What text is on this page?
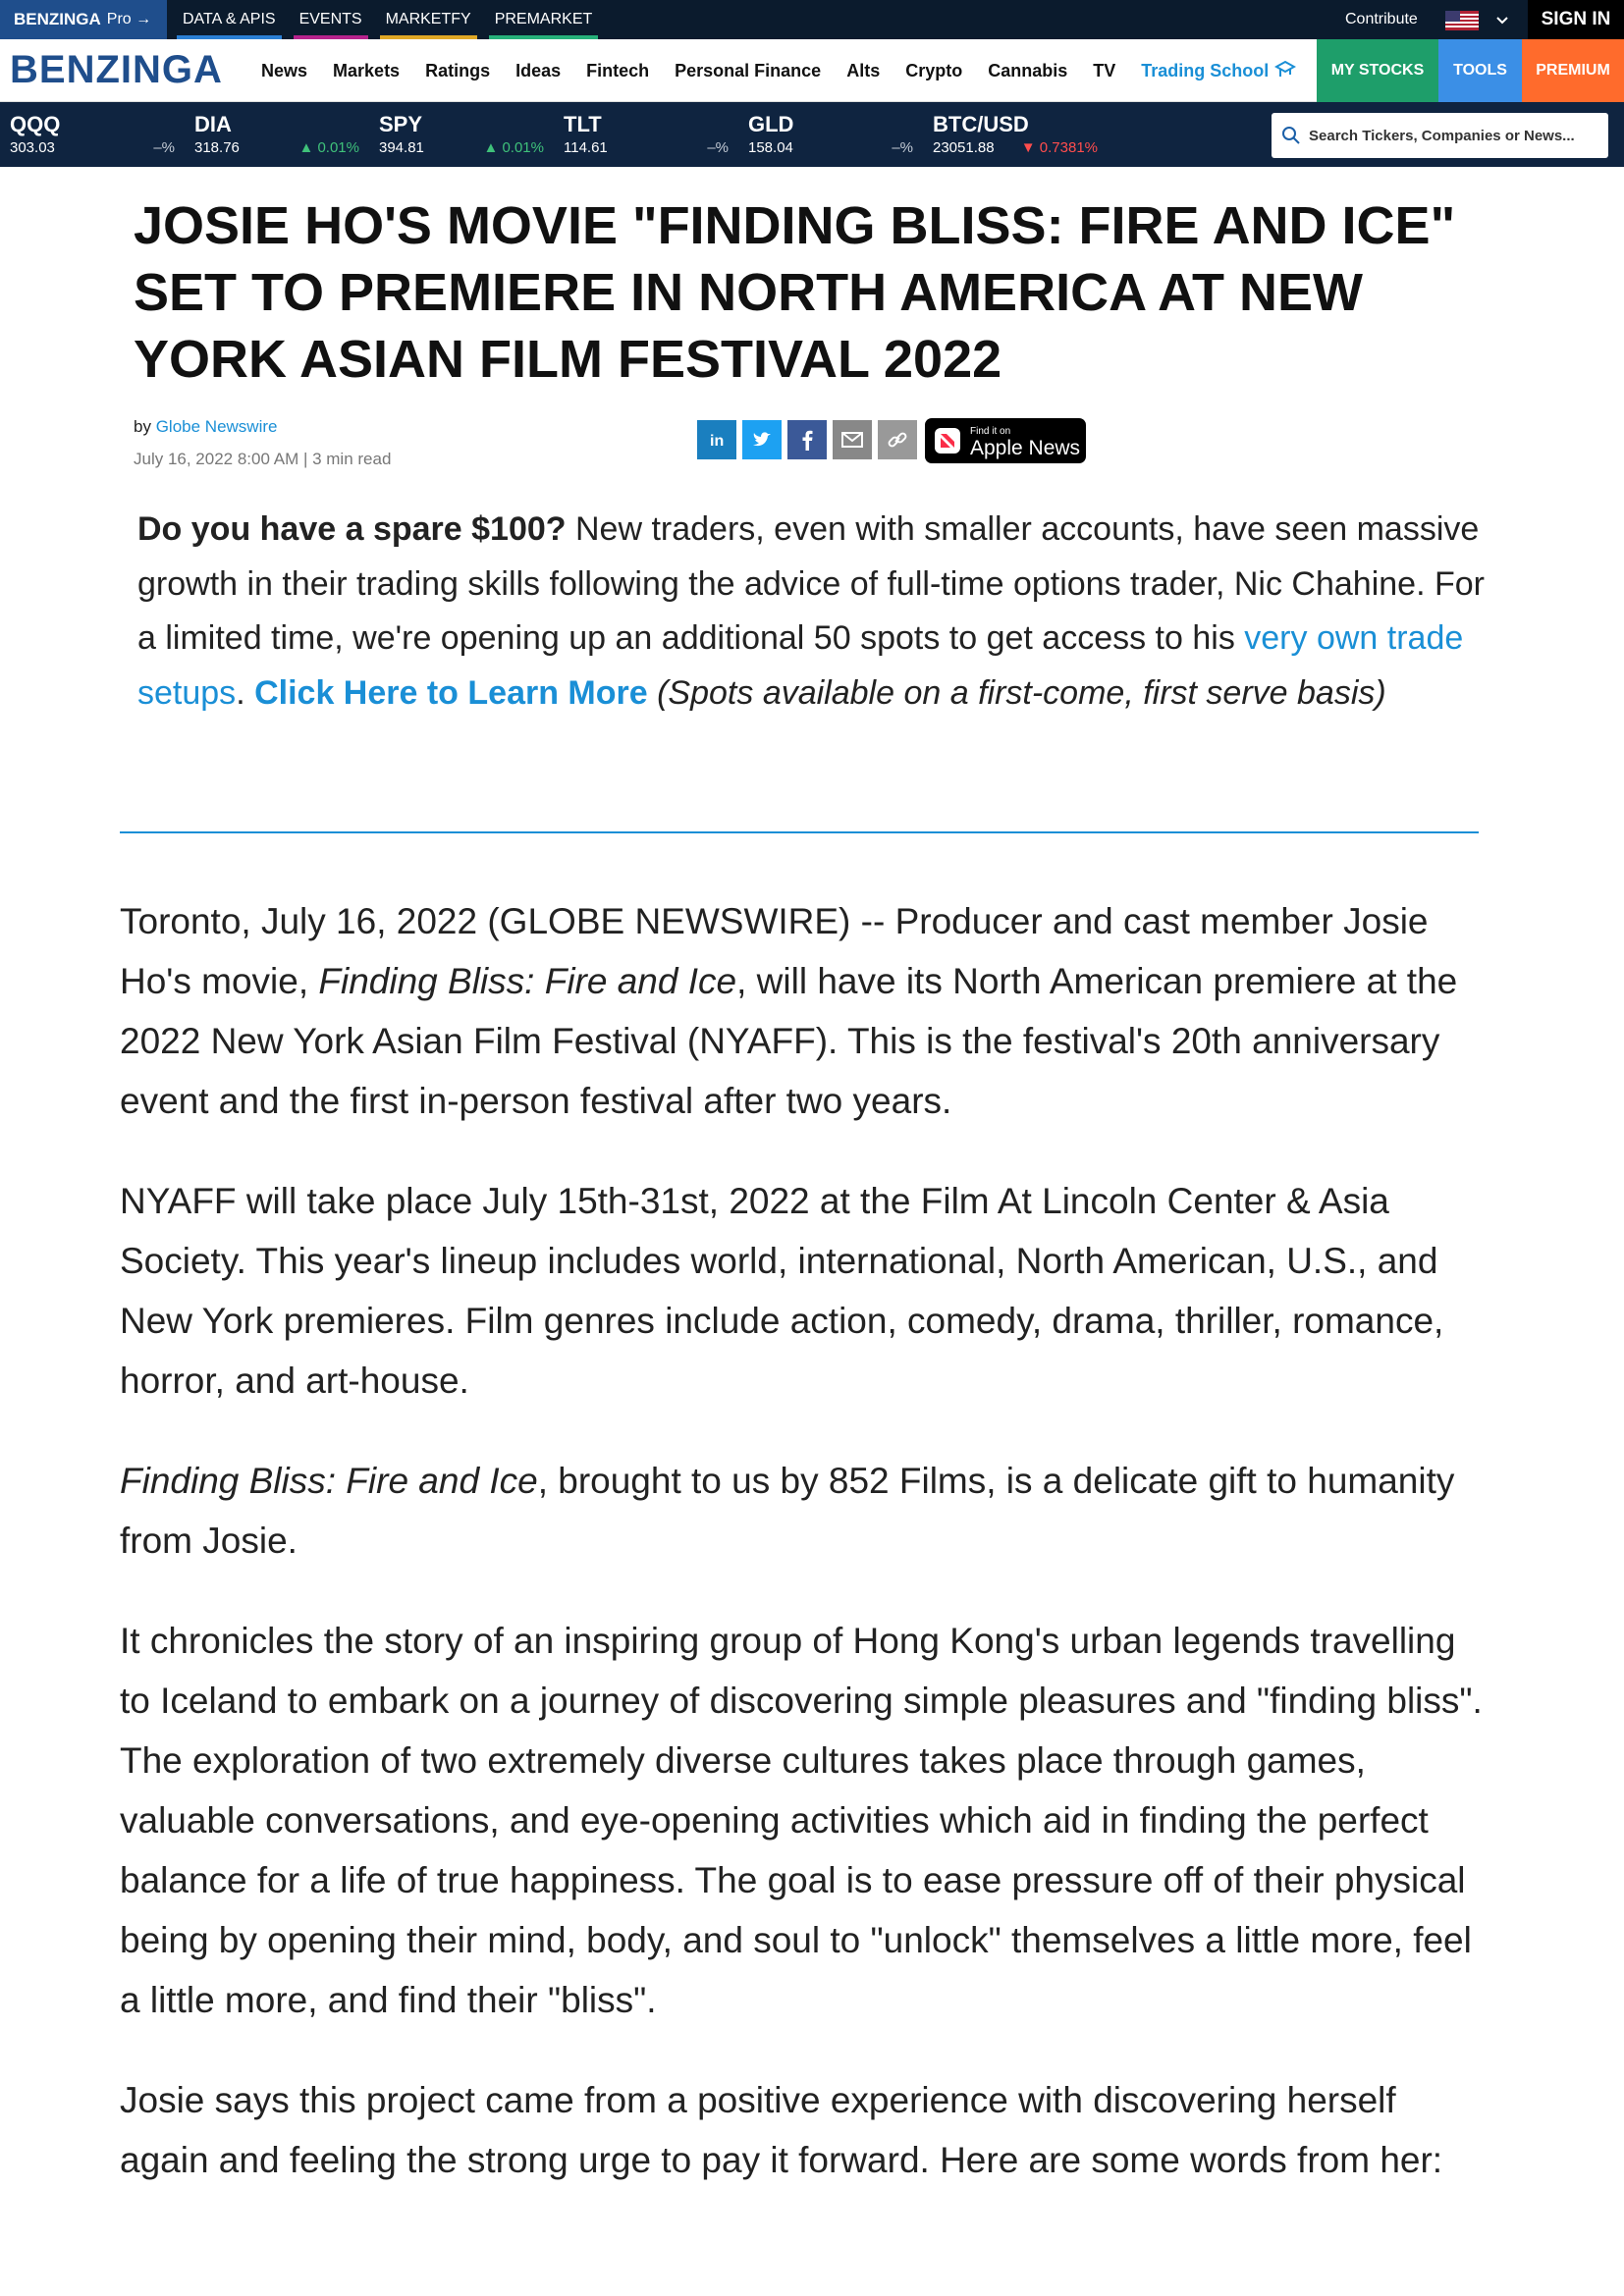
BENZINGA Pro → DATA & APIS EVENTS MARKETFY PREMARKET	Contribute	SIGN IN
BENZINGA News Markets Ratings Ideas Fintech Personal Finance Alts Crypto Cannabis TV Trading School	MY STOCKS	TOOLS	PREMIUM
QQQ
303.03	–%
DIA
318.76	▲ 0.01%
SPY
394.81	▲ 0.01%
TLT
114.61	–%
GLD
158.04	–%
BTC/USD
23051.88 ▼ 0.7381%
Search Tickers, Companies or News...
JOSIE HO'S MOVIE "FINDING BLISS: FIRE AND ICE" SET TO PREMIERE IN NORTH AMERICA AT NEW YORK ASIAN FILM FESTIVAL 2022
by Globe Newswire
July 16, 2022 8:00 AM | 3 min read
in
Find it on
Apple News
Do you have a spare $100? New traders, even with smaller accounts, have seen massive growth in their trading skills following the advice of full-time options trader, Nic Chahine. For a limited time, we're opening up an additional 50 spots to get access to his very own trade setups. Click Here to Learn More (Spots available on a first-come, first serve basis)

Toronto, July 16, 2022 (GLOBE NEWSWIRE) -- Producer and cast member Josie Ho's movie, Finding Bliss: Fire and Ice, will have its North American premiere at the 2022 New York Asian Film Festival (NYAFF). This is the festival's 20th anniversary event and the first in-person festival after two years.

NYAFF will take place July 15th-31st, 2022 at the Film At Lincoln Center & Asia Society. This year's lineup includes world, international, North American, U.S., and New York premieres. Film genres include action, comedy, drama, thriller, romance, horror, and art-house.

Finding Bliss: Fire and Ice, brought to us by 852 Films, is a delicate gift to humanity from Josie.

It chronicles the story of an inspiring group of Hong Kong's urban legends travelling to Iceland to embark on a journey of discovering simple pleasures and "finding bliss". The exploration of two extremely diverse cultures takes place through games, valuable conversations, and eye-opening activities which aid in finding the perfect balance for a life of true happiness. The goal is to ease pressure off of their physical being by opening their mind, body, and soul to "unlock" themselves a little more, feel a little more, and find their "bliss".

Josie says this project came from a positive experience with discovering herself again and feeling the strong urge to pay it forward. Here are some words from her:
